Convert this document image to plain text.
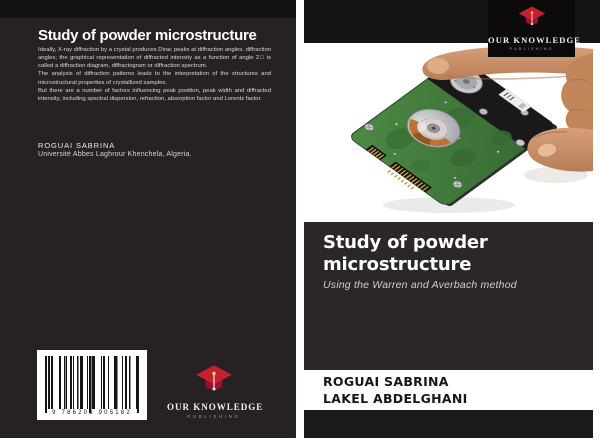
Study of powder microstructure

Ideally, X-ray diffraction by a crystal produces Dirac peaks at diffraction angles. diffraction angles; the graphical representation of diffracted intensity as a function of angle 2□ is called a diffraction diagram, diffractogram or diffraction spectrum.

The analysis of diffraction patterns leads to the interpretation of the structures and microstructural properties of crystallized samples.

But there are a number of factors influencing peak position, peak width and diffracted intensity, including spectral dispersion, refraction, absorption factor and Lorentz factor.

ROGUAI SABRINA
Université Abbes Laghrour Khenchela, Algeria.
9 786203 905182
OUR KNOWLEDGE
PUBLISHING
OUR KNOWLEDGE
PUBLISHING
Study of powder microstructure
Using the Warren and Averbach method
ROGUAI SABRINA
LAKEL ABDELGHANI
